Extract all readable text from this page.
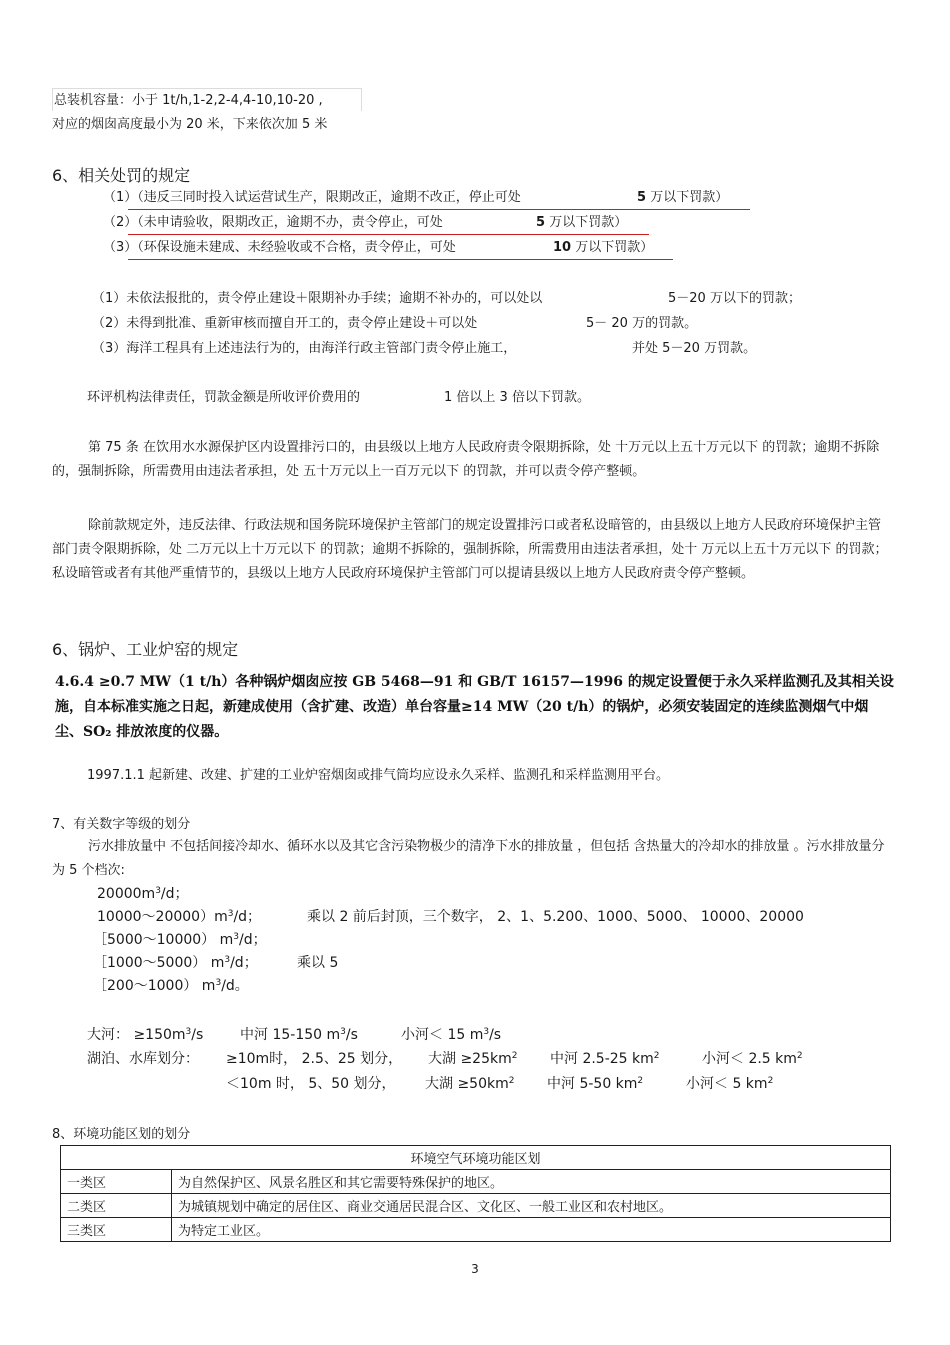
总装机容量：小于 1t/h,1-2,2-4,4-10,10-20 ,
对应的烟囱高度最小为 20 米，下来依次加 5 米
6、相关处罚的规定
（1）（违反三同时投入试运营试生产，限期改正，逾期不改正，停止可处	5 万以下罚款）
（2）（未申请验收，限期改正，逾期不办，责令停止，可处	5 万以下罚款）
（3）（环保设施未建成、未经验收或不合格，责令停止，可处	10 万以下罚款）
（1）未依法报批的，责令停止建设＋限期补办手续；逾期不补办的，可以处以	5－20 万以下的罚款；
（2）未得到批准、重新审核而擅自开工的，责令停止建设＋可以处	5－ 20 万的罚款。
（3）海洋工程具有上述违法行为的，由海洋行政主管部门责令停止施工，	并处 5－20 万罚款。
环评机构法律责任，罚款金额是所收评价费用的	1 倍以上 3 倍以下罚款。
第 75 条 在饮用水水源保护区内设置排污口的，由县级以上地方人民政府责令限期拆除，处 十万元以上五十万元以下 的罚款；逾期不拆除的，强制拆除，所需费用由违法者承担，处 五十万元以上一百万元以下 的罚款，并可以责令停产整顿。
除前款规定外，违反法律、行政法规和国务院环境保护主管部门的规定设置排污口或者私设暗管的，由县级以上地方人民政府环境保护主管部门责令限期拆除，处 二万元以上十万元以下 的罚款；逾期不拆除的，强制拆除，所需费用由违法者承担，处十 万元以上五十万元以下 的罚款；私设暗管或者有其他严重情节的，县级以上地方人民政府环境保护主管部门可以提请县级以上地方人民政府责令停产整顿。
6、锅炉、工业炉窑的规定
4.6.4 ≥0.7 MW（1 t/h）各种锅炉烟囱应按 GB 5468—91 和 GB/T 16157—1996 的规定设置便于永久采样监测孔及其相关设施，自本标准实施之日起，新建成使用（含扩建、改造）单台容量≥14 MW（20 t/h）的锅炉，必须安装固定的连续监测烟气中烟尘、SO₂ 排放浓度的仪器。
1997.1.1 起新建、改建、扩建的工业炉窑烟囱或排气筒均应设永久采样、监测孔和采样监测用平台。
7、有关数字等级的划分
污水排放量中 不包括间接冷却水、循环水以及其它含污染物极少的清净下水的排放量 ，但包括 含热量大的冷却水的排放量 。污水排放量分为 5 个档次:
$20000m^3/d$；
$10000\sim 20000)m^3/d$；	乘以 2 前后封顶，三个数字， 2、1、5.200、1000、5000、 10000、20000
［5000～10000） $m^3/d$；
［1000～5000） $m^3/d$；	乘以 5
［200～1000） $m^3/d$。
大河： $\ge 150m^3/s$	中河 15-150 $m^3/s$	小河＜ 15 $m^3/s$
湖泊、水库划分： ≥10m时， 2.5、25 划分， 大湖 $\ge 25km^2$ 中河 2.5-25 $km^2$	小河＜ 2.5 $km^2$
＜10m 时， 5、50 划分， 大湖 $\ge 50km^2$ 中河 5-50 $km^2$	小河＜ 5 $km^2$
8、环境功能区划的划分
环境空气环境功能区划	
一类区	为自然保护区、风景名胜区和其它需要特殊保护的地区。
二类区	为城镇规划中确定的居住区、商业交通居民混合区、文化区、一般工业区和农村地区。
三类区	为特定工业区。
3
